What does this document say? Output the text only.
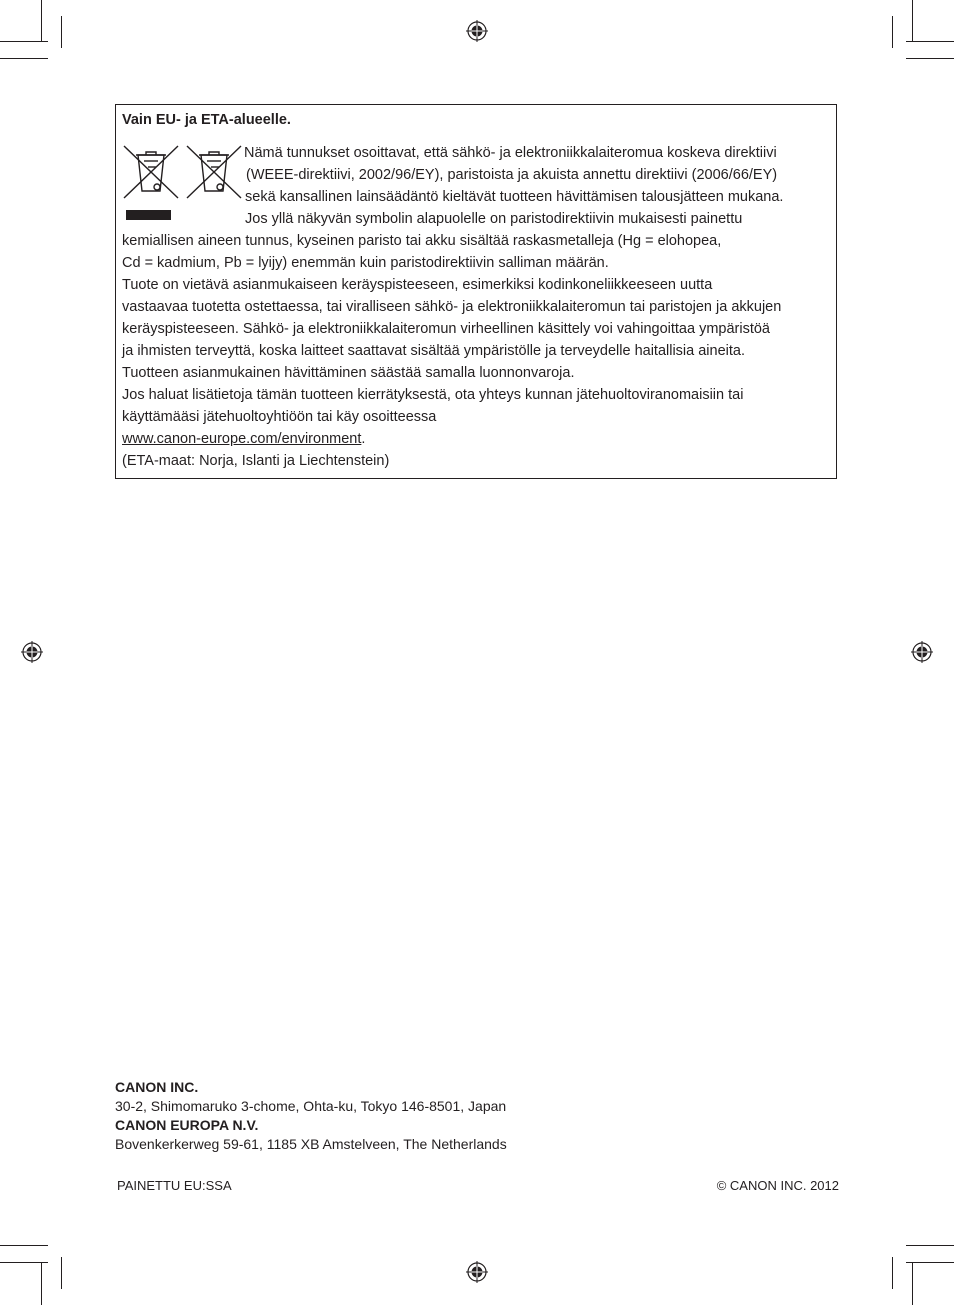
Vain EU- ja ETA-alueelle.
Nämä tunnukset osoittavat, että sähkö- ja elektroniikkalaiteromua koskeva direktiivi
(WEEE-direktiivi, 2002/96/EY), paristoista ja akuista annettu direktiivi (2006/66/EY)
sekä kansallinen lainsäädäntö kieltävät tuotteen hävittämisen talousjätteen mukana.
Jos yllä näkyvän symbolin alapuolelle on paristodirektiivin mukaisesti painettu
kemiallisen aineen tunnus, kyseinen paristo tai akku sisältää raskasmetalleja (Hg = elohopea,
Cd = kadmium, Pb = lyijy) enemmän kuin paristodirektiivin salliman määrän.
Tuote on vietävä asianmukaiseen keräyspisteeseen, esimerkiksi kodinkoneliikkeeseen uutta
vastaavaa tuotetta ostettaessa, tai viralliseen sähkö- ja elektroniikkalaiteromun tai paristojen ja akkujen
keräyspisteeseen. Sähkö- ja elektroniikkalaiteromun virheellinen käsittely voi vahingoittaa ympäristöä
ja ihmisten terveyttä, koska laitteet saattavat sisältää ympäristölle ja terveydelle haitallisia aineita.
Tuotteen asianmukainen hävittäminen säästää samalla luonnonvaroja.
Jos haluat lisätietoja tämän tuotteen kierrätyksestä, ota yhteys kunnan jätehuoltoviranomaisiin tai
käyttämääsi jätehuoltoyhtiöön tai käy osoitteessa
www.canon-europe.com/environment.
(ETA-maat: Norja, Islanti ja Liechtenstein)
CANON INC.
30-2, Shimomaruko 3-chome, Ohta-ku, Tokyo 146-8501, Japan
CANON EUROPA N.V.
Bovenkerkerweg 59-61, 1185 XB Amstelveen, The Netherlands
PAINETTU EU:SSA	© CANON INC. 2012
